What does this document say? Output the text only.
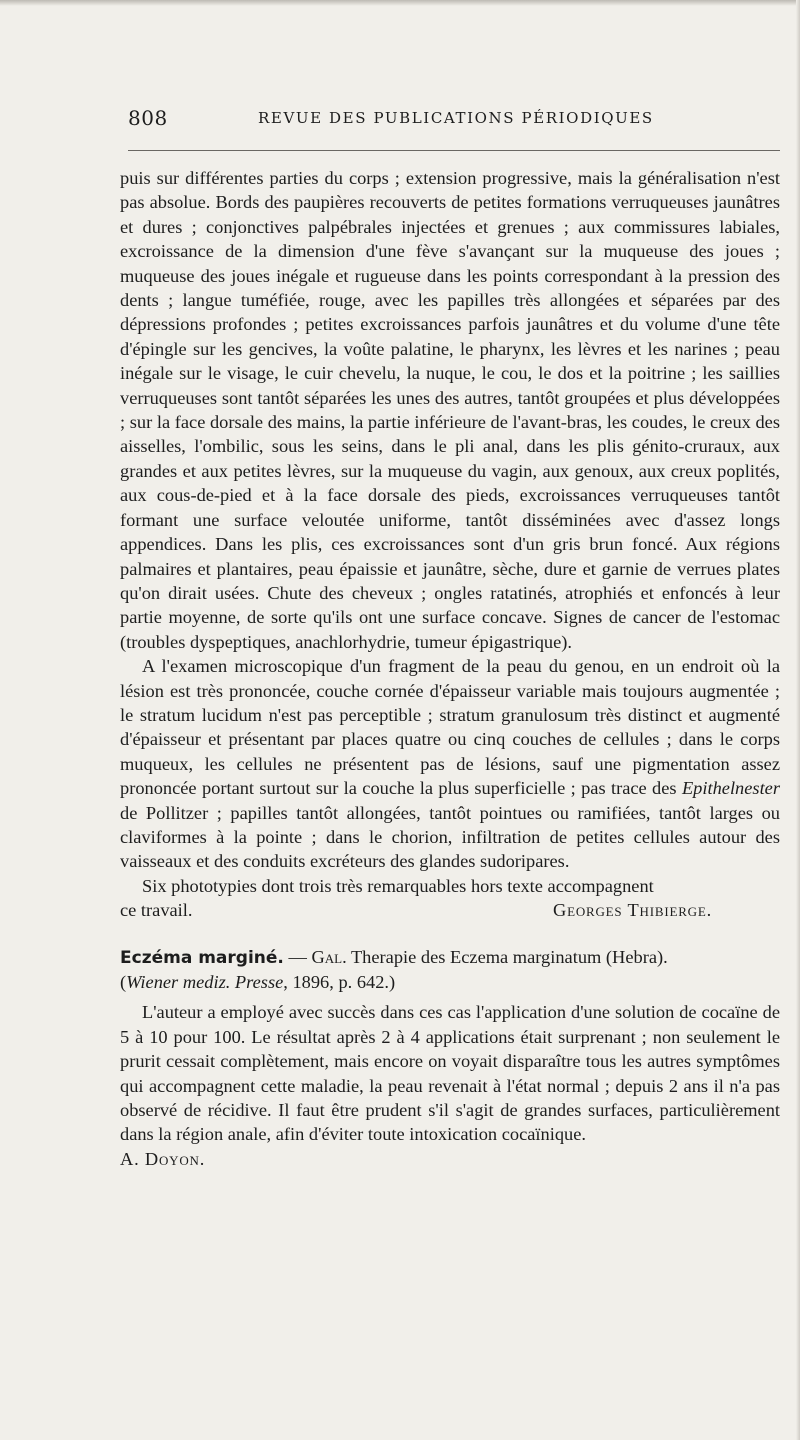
808	REVUE DES PUBLICATIONS PÉRIODIQUES

puis sur différentes parties du corps ; extension progressive, mais la généralisation n'est pas absolue. Bords des paupières recouverts de petites formations verruqueuses jaunâtres et dures ; conjonctives palpébrales injectées et grenues ; aux commissures labiales, excroissance de la dimension d'une fève s'avançant sur la muqueuse des joues ; muqueuse des joues inégale et rugueuse dans les points correspondant à la pression des dents ; langue tuméfiée, rouge, avec les papilles très allongées et séparées par des dépressions profondes ; petites excroissances parfois jaunâtres et du volume d'une tête d'épingle sur les gencives, la voûte palatine, le pharynx, les lèvres et les narines ; peau inégale sur le visage, le cuir chevelu, la nuque, le cou, le dos et la poitrine ; les saillies verruqueuses sont tantôt séparées les unes des autres, tantôt groupées et plus développées ; sur la face dorsale des mains, la partie inférieure de l'avant-bras, les coudes, le creux des aisselles, l'ombilic, sous les seins, dans le pli anal, dans les plis génito-cruraux, aux grandes et aux petites lèvres, sur la muqueuse du vagin, aux genoux, aux creux poplités, aux cous-de-pied et à la face dorsale des pieds, excroissances verruqueuses tantôt formant une surface veloutée uniforme, tantôt disséminées avec d'assez longs appendices. Dans les plis, ces excroissances sont d'un gris brun foncé. Aux régions palmaires et plantaires, peau épaissie et jaunâtre, sèche, dure et garnie de verrues plates qu'on dirait usées. Chute des cheveux ; ongles ratatinés, atrophiés et enfoncés à leur partie moyenne, de sorte qu'ils ont une surface concave. Signes de cancer de l'estomac (troubles dyspeptiques, anachlorhydrie, tumeur épigastrique).

A l'examen microscopique d'un fragment de la peau du genou, en un endroit où la lésion est très prononcée, couche cornée d'épaisseur variable mais toujours augmentée ; le stratum lucidum n'est pas perceptible ; stratum granulosum très distinct et augmenté d'épaisseur et présentant par places quatre ou cinq couches de cellules ; dans le corps muqueux, les cellules ne présentent pas de lésions, sauf une pigmentation assez prononcée portant surtout sur la couche la plus superficielle ; pas trace des Epithelnester de Pollitzer ; papilles tantôt allongées, tantôt pointues ou ramifiées, tantôt larges ou claviformes à la pointe ; dans le chorion, infiltration de petites cellules autour des vaisseaux et des conduits excréteurs des glandes sudoripares.

Six phototypies dont trois très remarquables hors texte accompagnent

ce travail.	Georges Thibierge.

Eczéma marginé. — Gal. Therapie des Eczema marginatum (Hebra).

(Wiener mediz. Presse, 1896, p. 642.)

L'auteur a employé avec succès dans ces cas l'application d'une solution de cocaïne de 5 à 10 pour 100. Le résultat après 2 à 4 applications était surprenant ; non seulement le prurit cessait complètement, mais encore on voyait disparaître tous les autres symptômes qui accompagnent cette maladie, la peau revenait à l'état normal ; depuis 2 ans il n'a pas observé de récidive. Il faut être prudent s'il s'agit de grandes surfaces, particulièrement dans la région anale, afin d'éviter toute intoxication cocaïnique.

A. Doyon.
